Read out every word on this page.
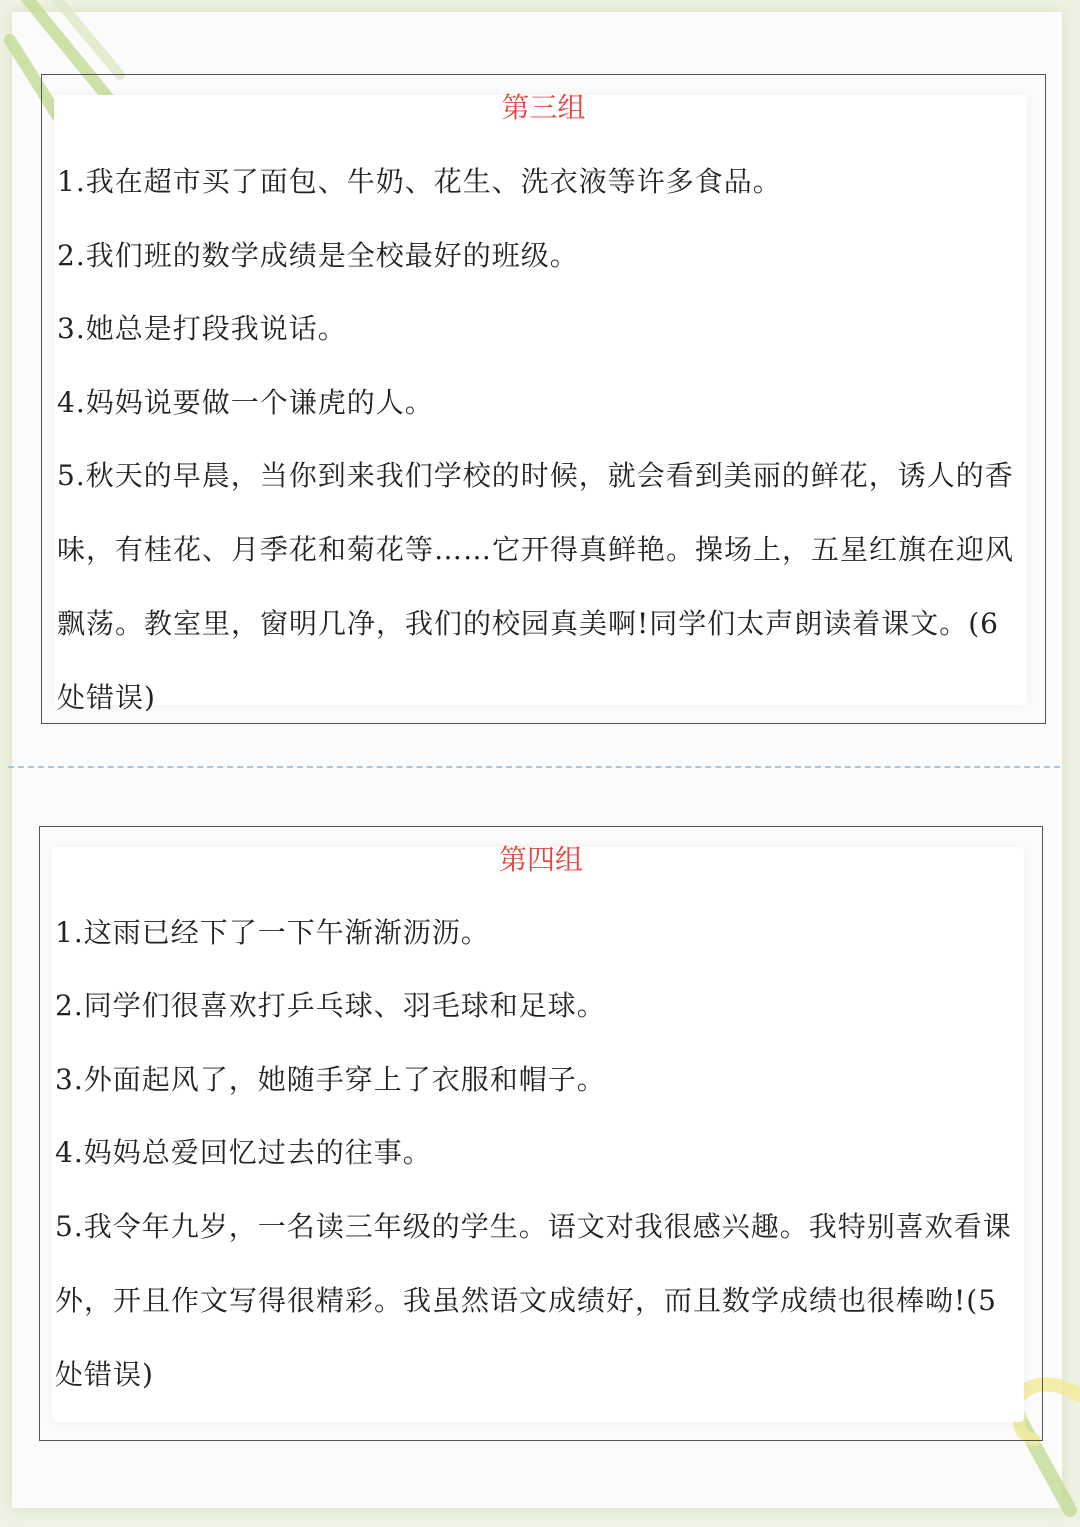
第三组
1.我在超市买了面包、牛奶、花生、洗衣液等许多食品。
2.我们班的数学成绩是全校最好的班级。
3.她总是打段我说话。
4.妈妈说要做一个谦虎的人。
5.秋天的早晨，当你到来我们学校的时候，就会看到美丽的鲜花，诱人的香味，有桂花、月季花和菊花等……它开得真鲜艳。操场上，五星红旗在迎风飘荡。教室里，窗明几净，我们的校园真美啊!同学们太声朗读着课文。(6处错误)
第四组
1.这雨已经下了一下午渐渐沥沥。
2.同学们很喜欢打乒乓球、羽毛球和足球。
3.外面起风了，她随手穿上了衣服和帽子。
4.妈妈总爱回忆过去的往事。
5.我令年九岁，一名读三年级的学生。语文对我很感兴趣。我特别喜欢看课外，开且作文写得很精彩。我虽然语文成绩好，而且数学成绩也很棒呦!(5处错误)
